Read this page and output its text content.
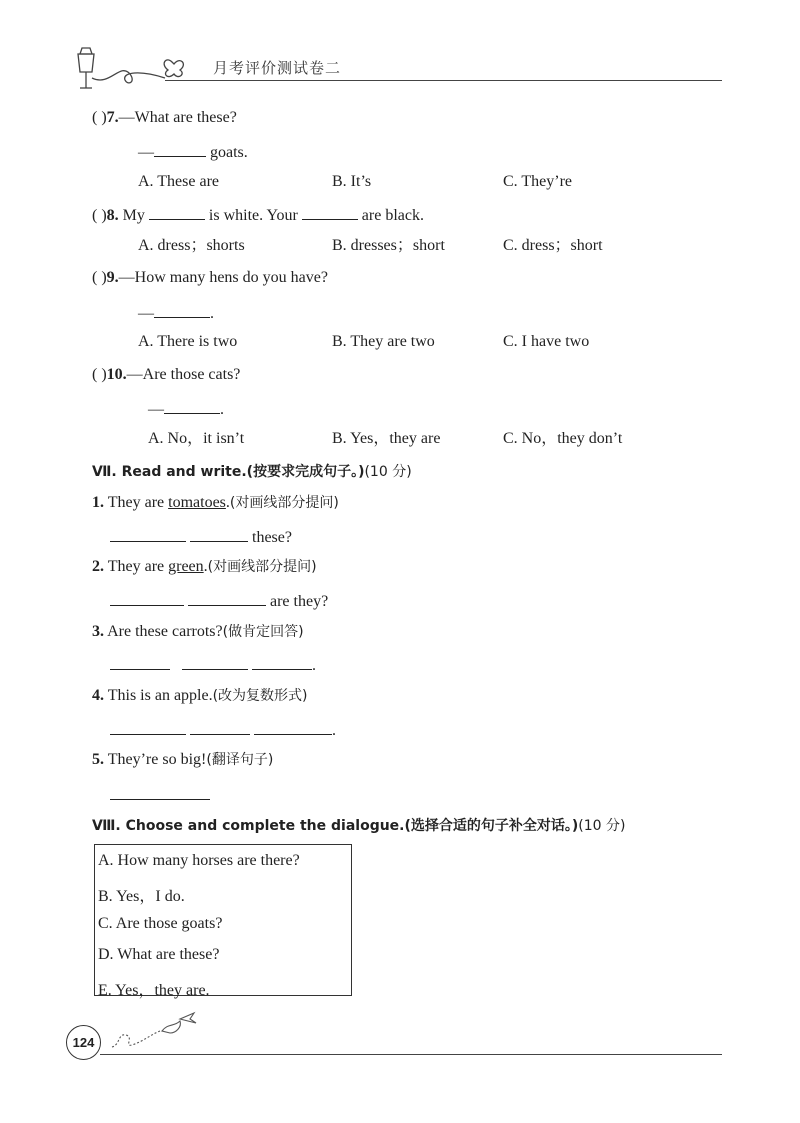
月考评价测试卷二
( )7.—What are these?
—	goats.
A. These are	B. It’s	C. They’re
( )8. My	is white. Your	are black.
A. dress；shorts	B. dresses；short	C. dress；short
( )9.—How many hens do you have?
—	.
A. There is two	B. They are two	C. I have two
( )10.—Are those cats?
—	.
A. No，it isn’t	B. Yes，they are	C. No，they don’t
Ⅶ. Read and write.(按要求完成句子。)(10 分)
1. They are tomatoes.(对画线部分提问)
these?
2. They are green.(对画线部分提问)
are they?
3. Are these carrots?(做肯定回答)
.
4. This is an apple.(改为复数形式)
.
5. They’re so big!(翻译句子)
Ⅷ. Choose and complete the dialogue.(选择合适的句子补全对话。)(10 分)
A. How many horses are there?
B. Yes，I do.
C. Are those goats?
D. What are these?
E. Yes，they are.
124
